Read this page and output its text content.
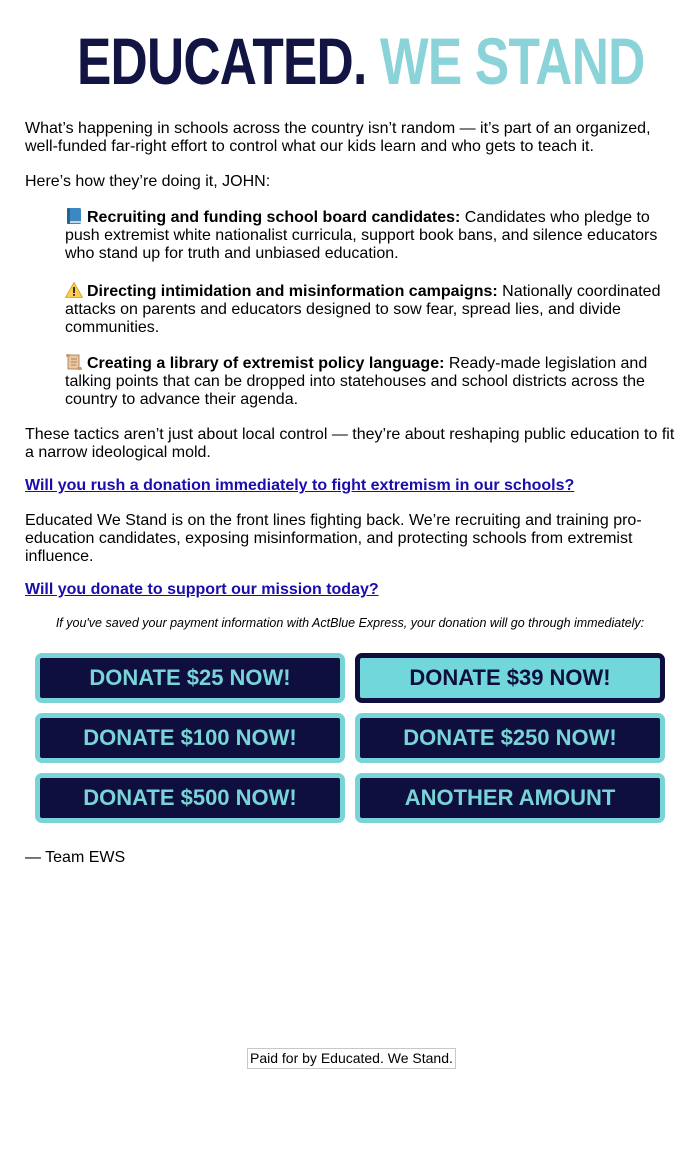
EDUCATED. WE STAND

What’s happening in schools across the country isn’t random — it’s part of an organized, well-funded far-right effort to control what our kids learn and who gets to teach it.

Here’s how they’re doing it, JOHN:

Recruiting and funding school board candidates: Candidates who pledge to push extremist white nationalist curricula, support book bans, and silence educators who stand up for truth and unbiased education.

Directing intimidation and misinformation campaigns: Nationally coordinated attacks on parents and educators designed to sow fear, spread lies, and divide communities.

Creating a library of extremist policy language: Ready-made legislation and talking points that can be dropped into statehouses and school districts across the country to advance their agenda.

These tactics aren’t just about local control — they’re about reshaping public education to fit a narrow ideological mold.

Will you rush a donation immediately to fight extremism in our schools?

Educated We Stand is on the front lines fighting back. We’re recruiting and training pro-education candidates, exposing misinformation, and protecting schools from extremist influence.

Will you donate to support our mission today?

If you've saved your payment information with ActBlue Express, your donation will go through immediately:

DONATE $25 NOW!	DONATE $39 NOW!
DONATE $100 NOW!	DONATE $250 NOW!
DONATE $500 NOW!	ANOTHER AMOUNT
— Team EWS
Paid for by Educated. We Stand.
